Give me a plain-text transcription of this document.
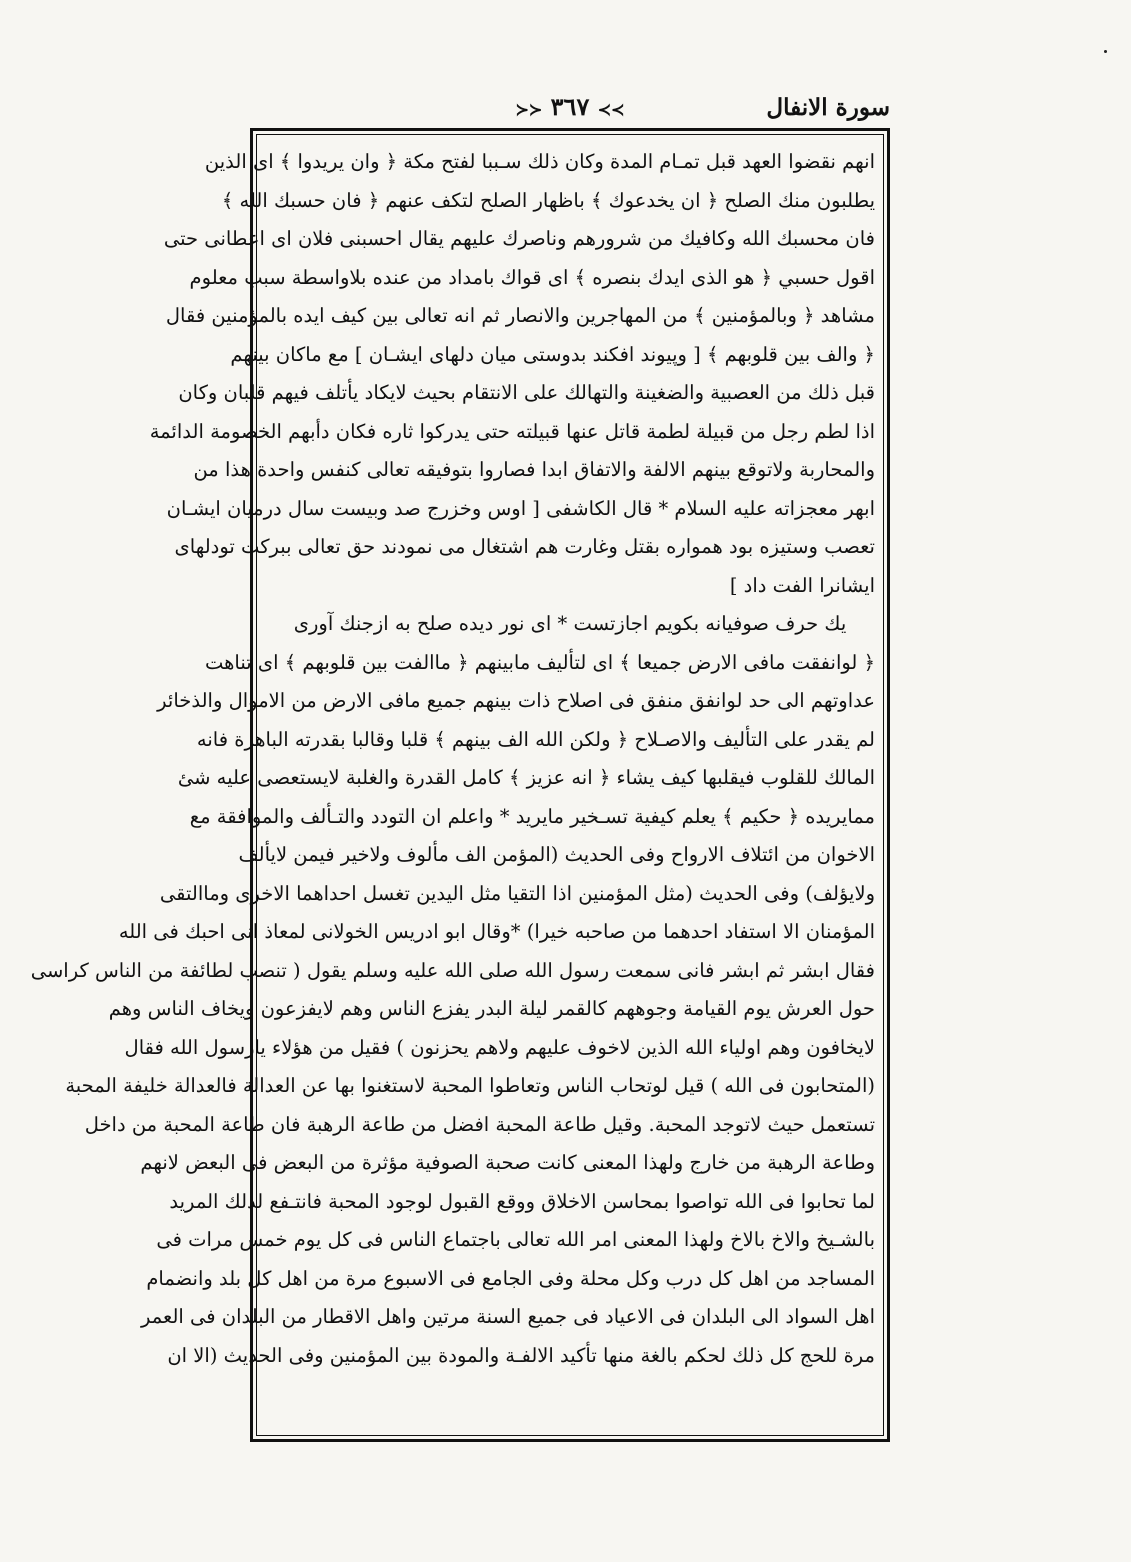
سورة الانفال
≻≻ ٣٦٧ ≺≺
انهم نقضوا العهد قبل تمـام المدة وكان ذلك سـببا لفتح مكة ﴿ وان يريدوا ﴾ اى الذين
يطلبون منك الصلح ﴿ ان يخدعوك ﴾ باظهار الصلح لتكف عنهم ﴿ فان حسبك الله ﴾
فان محسبك الله وكافيك من شرورهم وناصرك عليهم يقال احسبنى فلان اى اعطانى حتى
اقول حسبي ﴿ هو الذى ايدك بنصره ﴾ اى قواك بامداد من عنده بلاواسطة سبب معلوم
مشاهد ﴿ وبالمؤمنين ﴾ من المهاجرين والانصار ثم انه تعالى بين كيف ايده بالمؤمنين فقال
﴿ والف بين قلوبهم ﴾ [ وپيوند افكند بدوستى ميان دلهاى ايشـان ] مع ماكان بينهم
قبل ذلك من العصبية والضغينة والتهالك على الانتقام بحيث لايكاد يأتلف فيهم قلبان وكان
اذا لطم رجل من قبيلة لطمة قاتل عنها قبيلته حتى يدركوا ثاره فكان دأبهم الخصومة الدائمة
والمحاربة ولاتوقع بينهم الالفة والاتفاق ابدا فصاروا بتوفيقه تعالى كنفس واحدة هذا من
ابهر معجزاته عليه السلام * قال الكاشفى [ اوس وخزرج صد وبيست سال درميان ايشـان
تعصب وستيزه بود همواره بقتل وغارت هم اشتغال مى نمودند حق تعالى ببركت تودلهاى
ايشانرا الفت داد ]
يك حرف صوفيانه بكويم اجازتست * اى نور ديده صلح به ازجنك آورى
﴿ لوانفقت مافى الارض جميعا ﴾ اى لتأليف مابينهم ﴿ ماالفت بين قلوبهم ﴾ اى تناهت
عداوتهم الى حد لوانفق منفق فى اصلاح ذات بينهم جميع مافى الارض من الاموال والذخائر
لم يقدر على التأليف والاصـلاح ﴿ ولكن الله الف بينهم ﴾ قلبا وقالبا بقدرته الباهرة فانه
المالك للقلوب فيقلبها كيف يشاء ﴿ انه عزيز ﴾ كامل القدرة والغلبة لايستعصى عليه شئ
ممايريده ﴿ حكيم ﴾ يعلم كيفية تسـخير مايريد * واعلم ان التودد والتـألف والموافقة مع
الاخوان من ائتلاف الارواح وفى الحديث (المؤمن الف مألوف ولاخير فيمن لايألف
ولايؤلف) وفى الحديث (مثل المؤمنين اذا التقيا مثل اليدين تغسل احداهما الاخرى وماالتقى
المؤمنان الا استفاد احدهما من صاحبه خيرا) *وقال ابو ادريس الخولانى لمعاذ انى احبك فى الله
فقال ابشر ثم ابشر فانى سمعت رسول الله صلى الله عليه وسلم يقول ( تنصب لطائفة من الناس كراسى
حول العرش يوم القيامة وجوههم كالقمر ليلة البدر يفزع الناس وهم لايفزعون ويخاف الناس وهم
لايخافون وهم اولياء الله الذين لاخوف عليهم ولاهم يحزنون ) فقيل من هؤلاء يارسول الله فقال
(المتحابون فى الله ) قيل لوتحاب الناس وتعاطوا المحبة لاستغنوا بها عن العدالة فالعدالة خليفة المحبة
تستعمل حيث لاتوجد المحبة. وقيل طاعة المحبة افضل من طاعة الرهبة فان طاعة المحبة من داخل
وطاعة الرهبة من خارج ولهذا المعنى كانت صحبة الصوفية مؤثرة من البعض فى البعض لانهم
لما تحابوا فى الله تواصوا بمحاسن الاخلاق ووقع القبول لوجود المحبة فانتـفع لذلك المريد
بالشـيخ والاخ بالاخ ولهذا المعنى امر الله تعالى باجتماع الناس فى كل يوم خمس مرات فى
المساجد من اهل كل درب وكل محلة وفى الجامع فى الاسبوع مرة من اهل كل بلد وانضمام
اهل السواد الى البلدان فى الاعياد فى جميع السنة مرتين واهل الاقطار من البلدان فى العمر
مرة للحج كل ذلك لحكم بالغة منها تأكيد الالفـة والمودة بين المؤمنين وفى الحديث (الا ان
